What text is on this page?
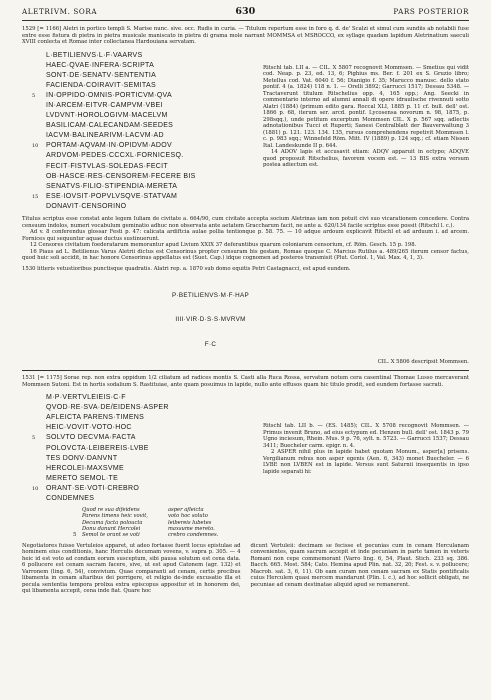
ALETRIVM. SORA	630	PARS POSTERIOR

1529 [= 1166] Aletri in portico templi S. Marise nunc. sive. occ. Rudis in curia. — Titulum repertum esse in foro q. d. de' Scalzi et simul cum sundiis ab notabili fuse entre esse fistura di pietra in pietra musicale maniscato in pietra di grama mole narrant MOMMSA et MSROCCO, ex syllage quadam lapidum Aletrinatium saeculi XVIII conlecta et Romae inter collectanea Hardouiana servatam.

L·BETILIENVS·L·F·VAARVS
HAEC·QVAE·INFERA·SCRIPTA
SONT·DE·SENATV·SENTENTIA
FACIENDA·COIRAVIT·SEMITAS
5 IN·OPPIDO·OMNIS·PORTICVM·QVA
IN·ARCEM·EITVR·CAMPVM·VBEI
LVDVNT·HOROLOGIVM·MACELVM
BASILICAM·CALECANDAM·SEEDES
IACVM·BALINEARIVM·LACVM·AD
10 PORTAM·AQVAM·IN·OPIDVM·ADOV
ARDVOM·PEDES·CCCXL·FORNICESQ.
FECIT·FISTVLAS·SOLEDAS·FECIT
OB·HASCE·RES·CENSOREM·FECERE BIS
SENATVS·FILIO·STIPENDIA·MERETA
15 ESE·IOVSIT·POPVLVSQVE·STATVAM
DONAVIT·CENSORINO

Ritschl tab. LII a. — CIL. X 5807 recognovit Mommsen. — Smetius qui vidit cod. Neap. p. 23, ed. 13, 6; Pighius ms. Ber. f. 201 ex S. Gruzio libro; Metellus cod. Vat. 6040 f. 56; Dianigio f. 35; Marucco manusc. dello stato pontif. 4 (a. 1824) 118 n. 1. — Orelli 3892; Garrucci 1517; Dessau 5348. — Tractaverunt titulum Ritschelius opp. 4, 165 opp.; Ang. Seecki in commentario interno ad alumni annali di opere idraulische rivennuti sotto Alatri (1884) (primum edito gara. Roccal XLI, 1885 p. 11 cf. bull. dell' ost. 1866 p. 68, iterum ser. arcd. pontif. Lycosensa novorum n. 98, 1875, p. 298sqq.), unde petitum excerptum Mommsen CIL. X p. 567 sqq. adlectis adnotationibus Tucci et Ruperti; Sanesi Centralblatt der Bauverwaltung 3 (1881) p. 121. 123. 134. 135, rursus comprehendens repetivit Mommsen l. c. p. 983 sqq.; Winnefeld Röm. Mitt. IV (1889) p. 124 sqq.; cf. etiam Nissen Ital. Landeskunde II p. 644.

14 ADOV lapis et accusavit etiam: ADQV apparuit in ectypo; ADQVE quod proposuit Ritschelius, favorem vocem est. — 13 BIS extra versum postea adiectum est.

Titulus scriptus esse constat ante legem Iuliam de civitate a. 664/90, cum civitate accepta socium Aletrinas iam non potuit civi suo vicarationem concedere. Contra censuum indolos, numeri vocabulum geminatio adhuc non observata ante aetatem Graccharum facit, ne ante a. 620/134 facile scriptus esse possit (Ritschl l. c.).

Ad v. 8 conferendus glossar Festi p. 47: calicata ardiftcia aulae pollia tentionque p. 58. 75. — 10 adque ardoum explicavit Ritschl et ad arduum i. ad arcem. Fornices qui sequuntur aquae ductus sustinuerunt.

12 Censores civitatum foederatarum memorantur apud Livium XXIX 37 deferantibus quarum coloniarum censorium, cf. Röm. Gesch. 15 p. 198.

16 Piaus ad L. Betilienus Varus Aletrii dictus est Censorinus propter censuram bis gestam, Romae quoque C. Marcius Rutilus a. 489/265 iterum censor factus, quod huic soli accidit, in hac honore Censorinus appellatus est (Suet. Cap.) idque cognomen ad posteros transmisit (Plut. Coriol. 1, Val. Max. 4, 1, 3).

1530 litteris vetustioribus punctisque quadratis. Alatri rep. a. 1870 sub domo equitis Petri Castagnacci, est apud eundem.

P·BETILIENVS·M·F·HAP

IIII·VIR·D·S·S·MVRVM

F·C

CIL. X 5806 descripsit Mommsen.

1531 [= 1175] Sorae rep. non extra oppidum 1/2 ciliatum ad radices montis S. Casti alla Ruca Rossa, servatum notum cera casentinal Thomae Lusso mercaverant Mommsen Sutoni. Est in hortis sodalium S. Rastituiae, ante quam posuimus in lapide, nullo ante effusos quam hic titulo prodit, sed eundem fortasse sacrati.

M·P·VERTVLEIEIS·C·F
QVOD·RE·SVA·DE/EIDENS·ASPER
AFLEICTA PARENS·TIMENS
HEIC·VOVIT·VOTO·HOC
5 SOLVTO DECVMA·FACTA
POLOVCTA·LEIBEREIS·LVBE
TES DONV·DANVNT
HERCOLEI·MAXSVME
MERETO SEMOL·TE
10 ORANT·SE·VOTI·CREBRO
CONDEMNES

Ritschl tab. LII b. — (ES. 1485); CIL. X 5708 recognovit Mommsen. — Primus invenit Bruno, ad eius ectypum ed. Henzen bull. dell' ost. 1843 p. 79 Ugno inciesum, Rhein. Mus. 9 p. 76, sylt. n. 5723. — Garrucci 1537; Dessau 3411; Buecheler carm. epigr. n. 4.

2 ASPER nihil plus in lapide habet quotam Monum., asper[a] prisens. Vergilianum rebus non asper egenis (Aen. 6, 343) monet Buecheler. — 6 LVBE non LVBEN est in lapide. Versus sunt Saturnii insequentis in ipso lapide separati hi:

Quod re sua difeidens
Parens timens heic vovit,
Decuma facta poloucta
Donu danunt Hercolei
5 Semol te orant se voti
asper afleicta
voto hoc soluto
leibereis lubetes
maxsume mereto.
crebro condemnes.

Negotiatores fuisse Vertuleios apparet, ut adeo fortasse fuerit locus epistulae ad hominem eius conditionis, hanc Herculis decumam vovens, v. supra p. 305. — 4 heic id est voto ad condam eorum susceptum, sibi pausa solutum est cena data. 6 pollucere est cenam sacram facere, sive, ut est apud Catonem (agr. 132) et Varronem (ling. 6, 54), convivium. Quae comparanti ad cenam, certis precibus libamenta in cenam altaribus dei porrigere, et religio de-inde excusatio illa et pecula sententia tempora prolixa extra episcopus appositur et in honorem dei, qui libamenta accepit, cena inde fiat. Quare hoc

dicunt Vertuleii: decimam se fecisse et pecunias cum in cenam Herculanam convenientes, quam sacrum accepit et inde pecuniam in parte tamen in veteris Romani non cepe commemorant (Varro ling. 6, 54, Plaut. Stich. 233 sq. 386. Bacch. 665. Most. 584; Cato. Hemina apud Plin. nat. 32, 20; Fest. s. v. pollucere; Macrob. sat. 3, 6, 11). Ob eam curam non cenam sacram ex Statis pontificalis cuius Herculem quasi mercem mandarunt (Plin. l. c.), ad hoc sollicit obligati, ne pecuniae ad cenam destinatae aliquid apud se remanerent.
